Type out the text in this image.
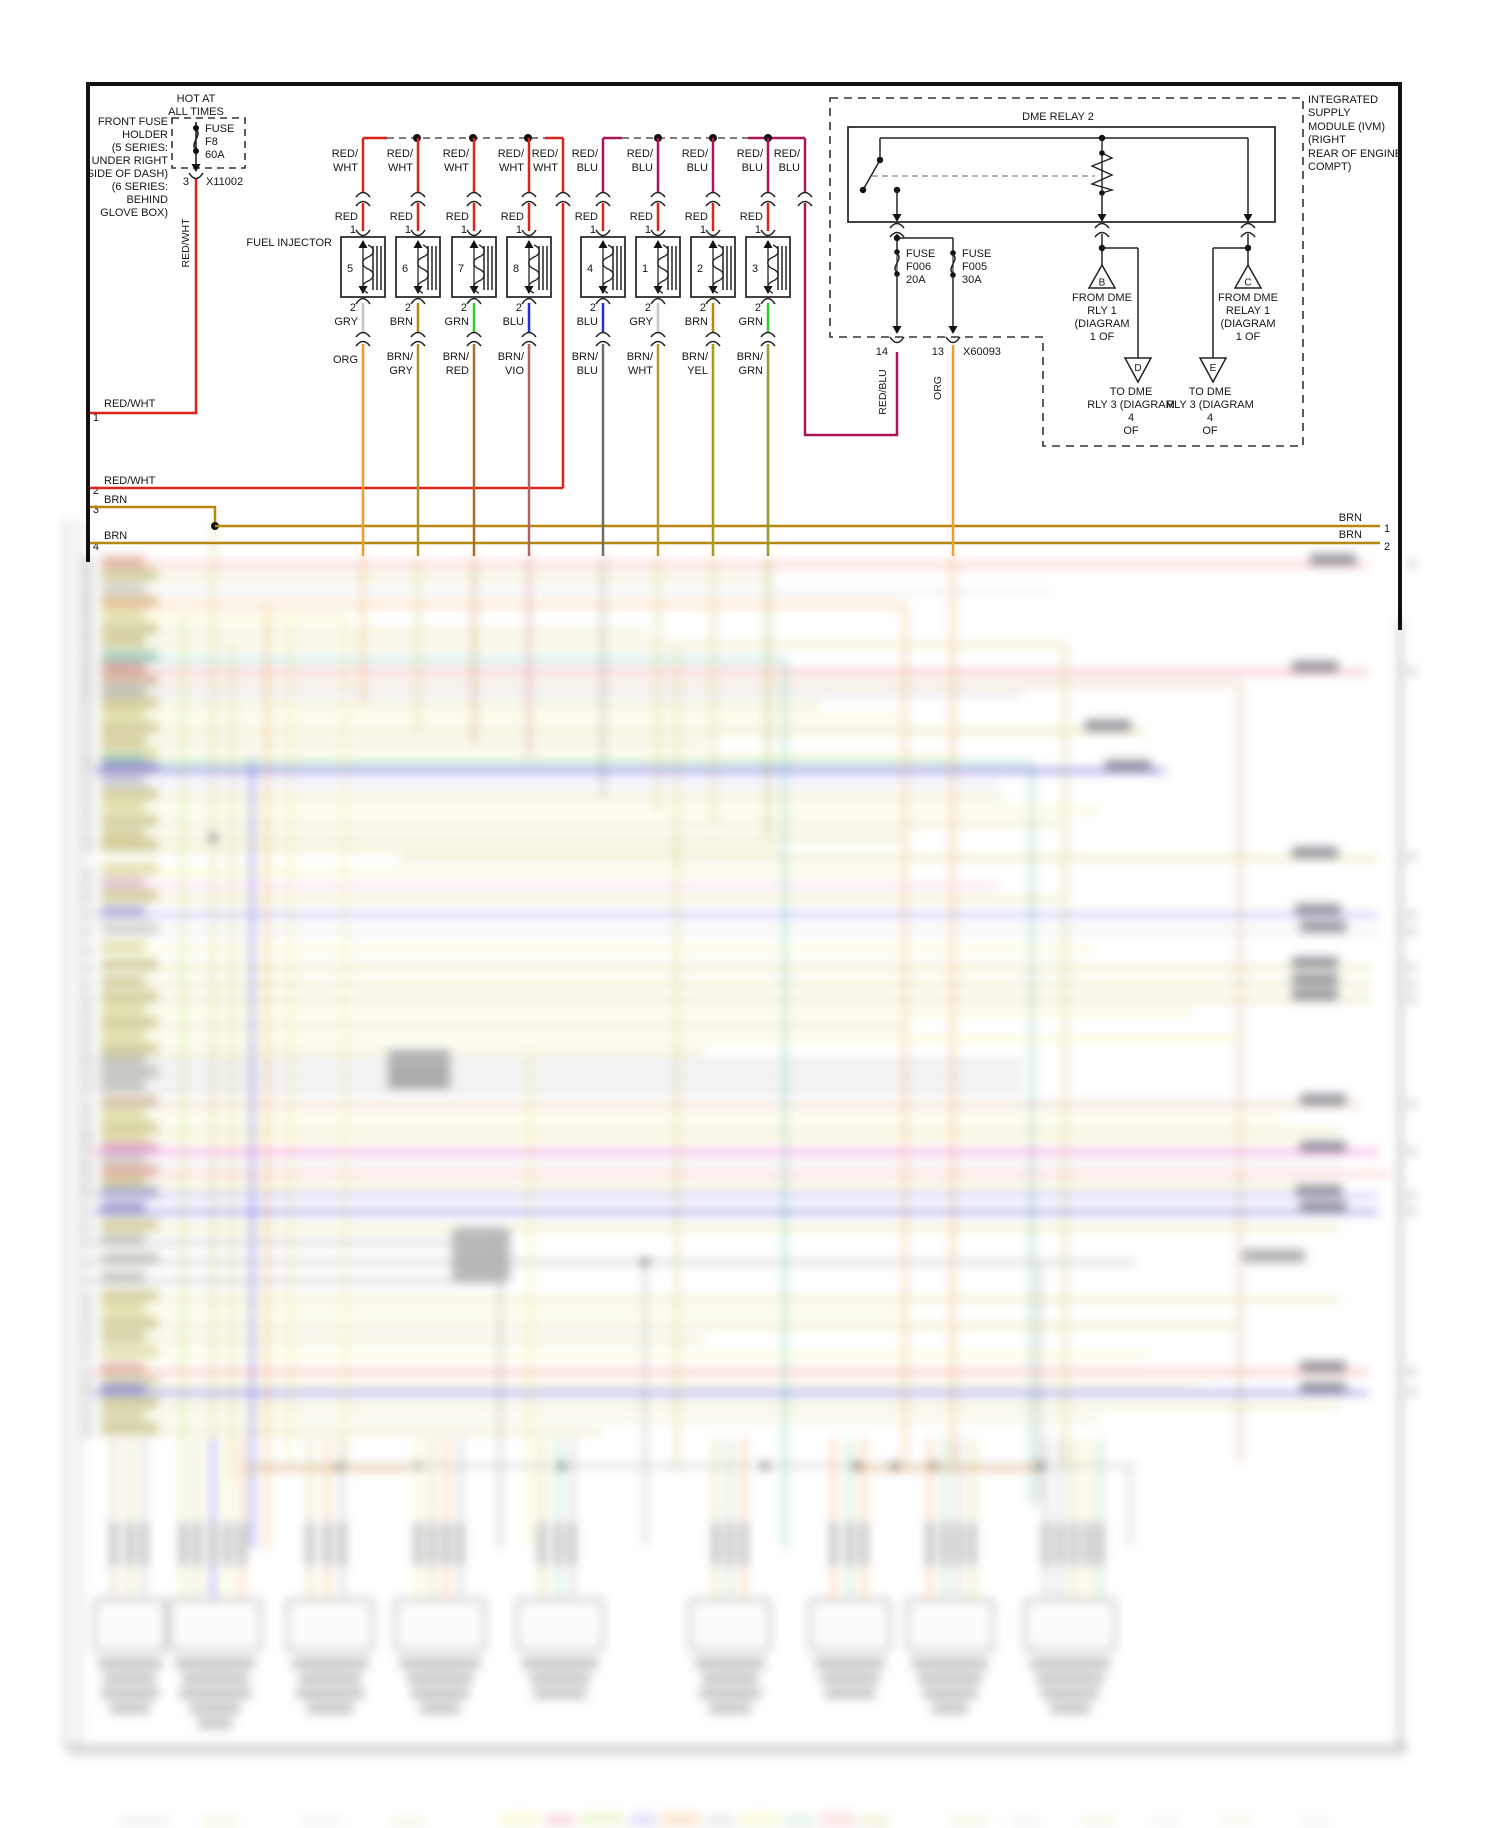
HOT AT
ALL TIMES
FRONT FUSE
HOLDER
(5 SERIES:
UNDER RIGHT
SIDE OF DASH)
(6 SERIES:
BEHIND
GLOVE BOX)
FUSE
F8
60A
3 X11002
RED/WHT
RED/WHT
1
RED/WHT
2
BRN
3
BRN
4
BRN
1
BRN
2
FUEL INJECTOR
RED/
WHT
RED/
BLU
RED/
WHT
RED
1
5
2
GRY
ORG
RED/
WHT
RED
1
6
2
BRN
BRN/
GRY
RED/
WHT
RED
1
7
2
GRN
BRN/
RED
RED/
WHT
RED
1
8
2
BLU
BRN/
VIO
RED/
BLU
RED
1
4
2
BLU
BRN/
BLU
RED/
BLU
RED
1
1
2
GRY
BRN/
WHT
RED/
BLU
RED
1
2
2
BRN
BRN/
YEL
RED/
BLU
RED
1
3
2
GRN
BRN/
GRN
INTEGRATED
SUPPLY
MODULE (IVM)
(RIGHT
REAR OF ENGINE
COMPT)
DME RELAY 2
FUSE
F006
20A
FUSE
F005
30A
14	13 X60093
RED/BLU	ORG
B	C
D	E
FROM DME
RLY 1
(DIAGRAM
1 OF
FROM DME
RELAY 1
(DIAGRAM
1 OF
TO DME
RLY 3 (DIAGRAM
4
OF
TO DME
RLY 3 (DIAGRAM
4
OF
